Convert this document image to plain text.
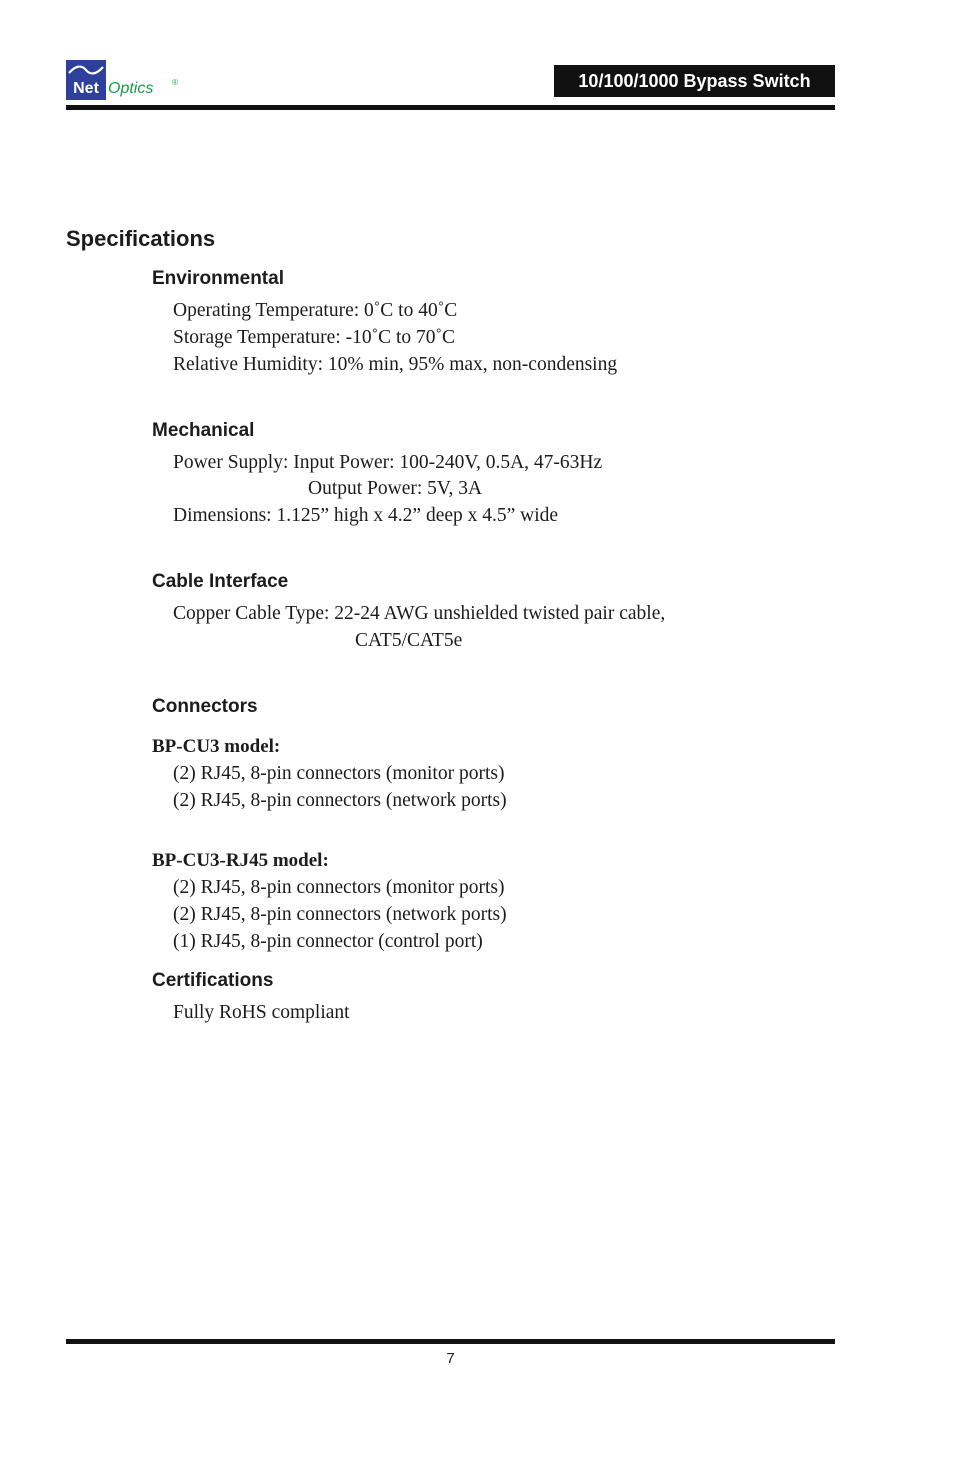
Net Optics ®	10/100/1000 Bypass Switch
Specifications
Environmental
Operating Temperature: 0˚C to 40˚C
Storage Temperature: -10˚C to 70˚C
Relative Humidity: 10% min, 95% max, non-condensing
Mechanical
Power Supply: Input Power: 100-240V, 0.5A, 47-63Hz
Output Power: 5V, 3A
Dimensions: 1.125” high x 4.2” deep x 4.5” wide
Cable Interface
Copper Cable Type: 22-24 AWG unshielded twisted pair cable,
CAT5/CAT5e
Connectors
BP-CU3 model:
(2) RJ45, 8-pin connectors (monitor ports)
(2) RJ45, 8-pin connectors (network ports)
BP-CU3-RJ45 model:
(2) RJ45, 8-pin connectors (monitor ports)
(2) RJ45, 8-pin connectors (network ports)
(1) RJ45, 8-pin connector (control port)
Certifications
Fully RoHS compliant
7
